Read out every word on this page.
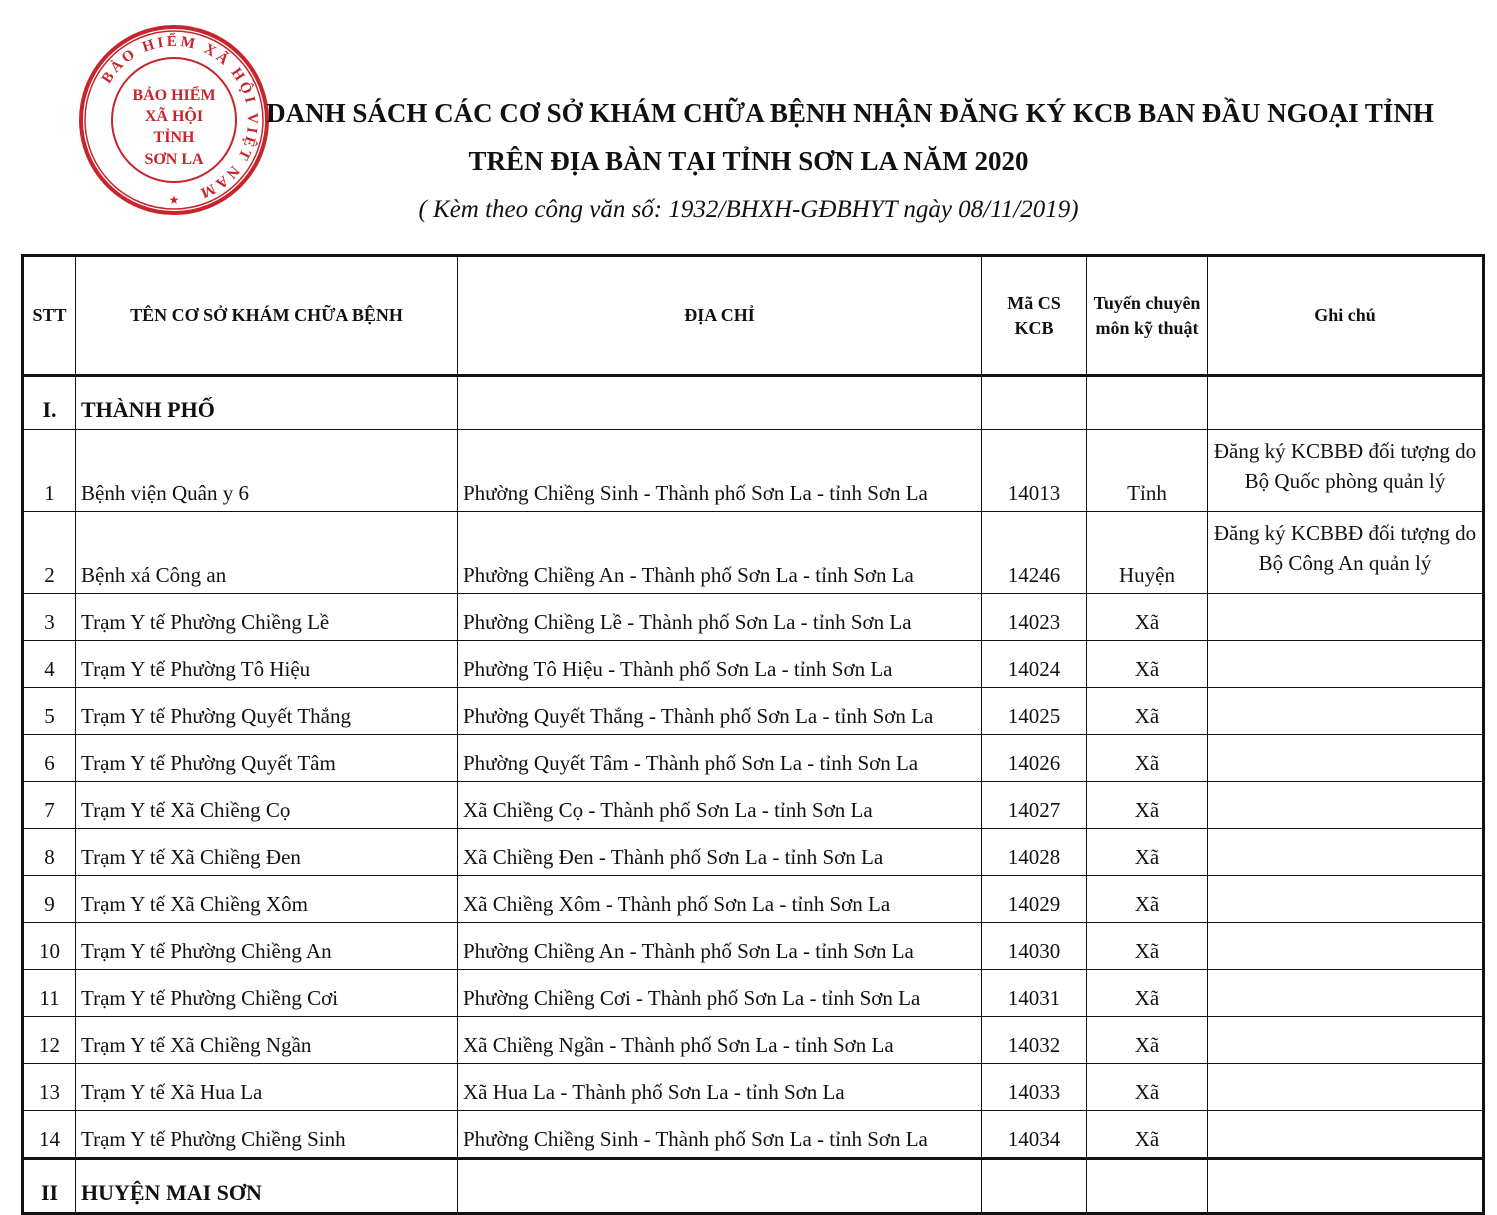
BẢO HIỂM XÃ HỘI VIỆT NAM
BẢO HIỂM
XÃ HỘI
TỈNH
SƠN LA
★
DANH SÁCH CÁC CƠ SỞ KHÁM CHỮA BỆNH NHẬN ĐĂNG KÝ KCB BAN ĐẦU NGOẠI TỈNH
TRÊN ĐỊA BÀN TẠI TỈNH SƠN LA NĂM 2020
( Kèm theo công văn số: 1932/BHXH-GĐBHYT ngày 08/11/2019)
STT	TÊN CƠ SỞ KHÁM CHỮA BỆNH	ĐỊA CHỈ	Mã CS KCB	Tuyến chuyên môn kỹ thuật	Ghi chú
I.	THÀNH PHỐ				
1	Bệnh viện Quân y 6	Phường Chiềng Sinh - Thành phố Sơn La - tỉnh Sơn La	14013	Tỉnh	Đăng ký KCBBĐ đối tượng do Bộ Quốc phòng quản lý
2	Bệnh xá Công an	Phường Chiềng An - Thành phố Sơn La - tỉnh Sơn La	14246	Huyện	Đăng ký KCBBĐ đối tượng do Bộ Công An quản lý
3	Trạm Y tế Phường Chiềng Lề	Phường Chiềng Lề - Thành phố Sơn La - tỉnh Sơn La	14023	Xã	
4	Trạm Y tế Phường Tô Hiệu	Phường Tô Hiệu - Thành phố Sơn La - tỉnh Sơn La	14024	Xã	
5	Trạm Y tế Phường Quyết Thắng	Phường Quyết Thắng - Thành phố Sơn La - tỉnh Sơn La	14025	Xã	
6	Trạm Y tế Phường Quyết Tâm	Phường Quyết Tâm - Thành phố Sơn La - tỉnh Sơn La	14026	Xã	
7	Trạm Y tế Xã Chiềng Cọ	Xã Chiềng Cọ - Thành phố Sơn La - tỉnh Sơn La	14027	Xã	
8	Trạm Y tế Xã Chiềng Đen	Xã Chiềng Đen - Thành phố Sơn La - tỉnh Sơn La	14028	Xã	
9	Trạm Y tế Xã Chiềng Xôm	Xã Chiềng Xôm - Thành phố Sơn La - tỉnh Sơn La	14029	Xã	
10	Trạm Y tế Phường Chiềng An	Phường Chiềng An - Thành phố Sơn La - tỉnh Sơn La	14030	Xã	
11	Trạm Y tế Phường Chiềng Cơi	Phường Chiềng Cơi - Thành phố Sơn La - tỉnh Sơn La	14031	Xã	
12	Trạm Y tế Xã Chiềng Ngần	Xã Chiềng Ngần - Thành phố Sơn La - tỉnh Sơn La	14032	Xã	
13	Trạm Y tế Xã Hua La	Xã Hua La - Thành phố Sơn La - tỉnh Sơn La	14033	Xã	
14	Trạm Y tế Phường Chiềng Sinh	Phường Chiềng Sinh - Thành phố Sơn La - tỉnh Sơn La	14034	Xã	
II	HUYỆN MAI SƠN				
